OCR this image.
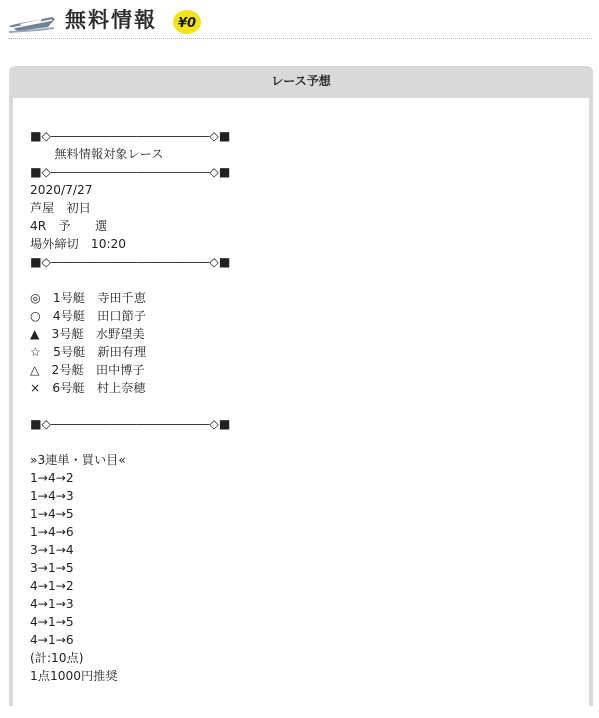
無料情報 ¥0
レース予想
■◇―――――――――――――◇■
　　無料情報対象レース
■◇―――――――――――――◇■
2020/7/27
芦屋　初日
4R　予　　選
場外締切　10:20
■◇―――――――――――――◇■
◎　1号艇　寺田千恵
○　4号艇　田口節子
▲　3号艇　水野望美
☆　5号艇　新田有理
△　2号艇　田中博子
×　6号艇　村上奈穂
■◇―――――――――――――◇■
»3連単・買い目«
1→4→2
1→4→3
1→4→5
1→4→6
3→1→4
3→1→5
4→1→2
4→1→3
4→1→5
4→1→6
(計:10点)
1点1000円推奨
